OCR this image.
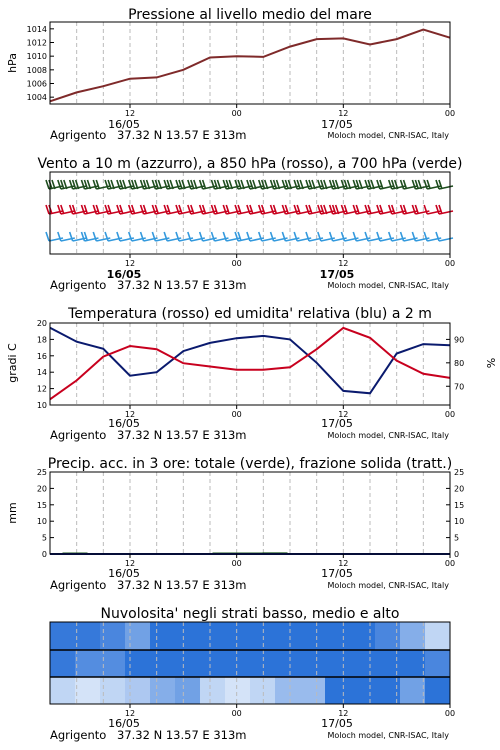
Pressione al livello medio del mare
hPa
1004
1006
1008
1010
1012
1014
12	00	12	00
16/05	17/05
Agrigento 37.32 N 13.57 E 313m	Moloch model, CNR-ISAC, Italy
Vento a 10 m (azzurro), a 850 hPa (rosso), a 700 hPa (verde)
12	00	12	00
16/05	17/05
Agrigento 37.32 N 13.57 E 313m	Moloch model, CNR-ISAC, Italy
Temperatura (rosso) ed umidita' relativa (blu) a 2 m
gradi C	%
10
12
14
16
18
20
70
80
90
12	00	12	00
16/05	17/05
Agrigento 37.32 N 13.57 E 313m	Moloch model, CNR-ISAC, Italy
Precip. acc. in 3 ore: totale (verde), frazione solida (tratt.)
mm
0
5
10
15
20
25
0
5
10
15
20
25
12	00	12	00
16/05	17/05
Agrigento 37.32 N 13.57 E 313m	Moloch model, CNR-ISAC, Italy
Nuvolosita' negli strati basso, medio e alto
12	00	12	00
16/05	17/05
Agrigento 37.32 N 13.57 E 313m	Moloch model, CNR-ISAC, Italy
